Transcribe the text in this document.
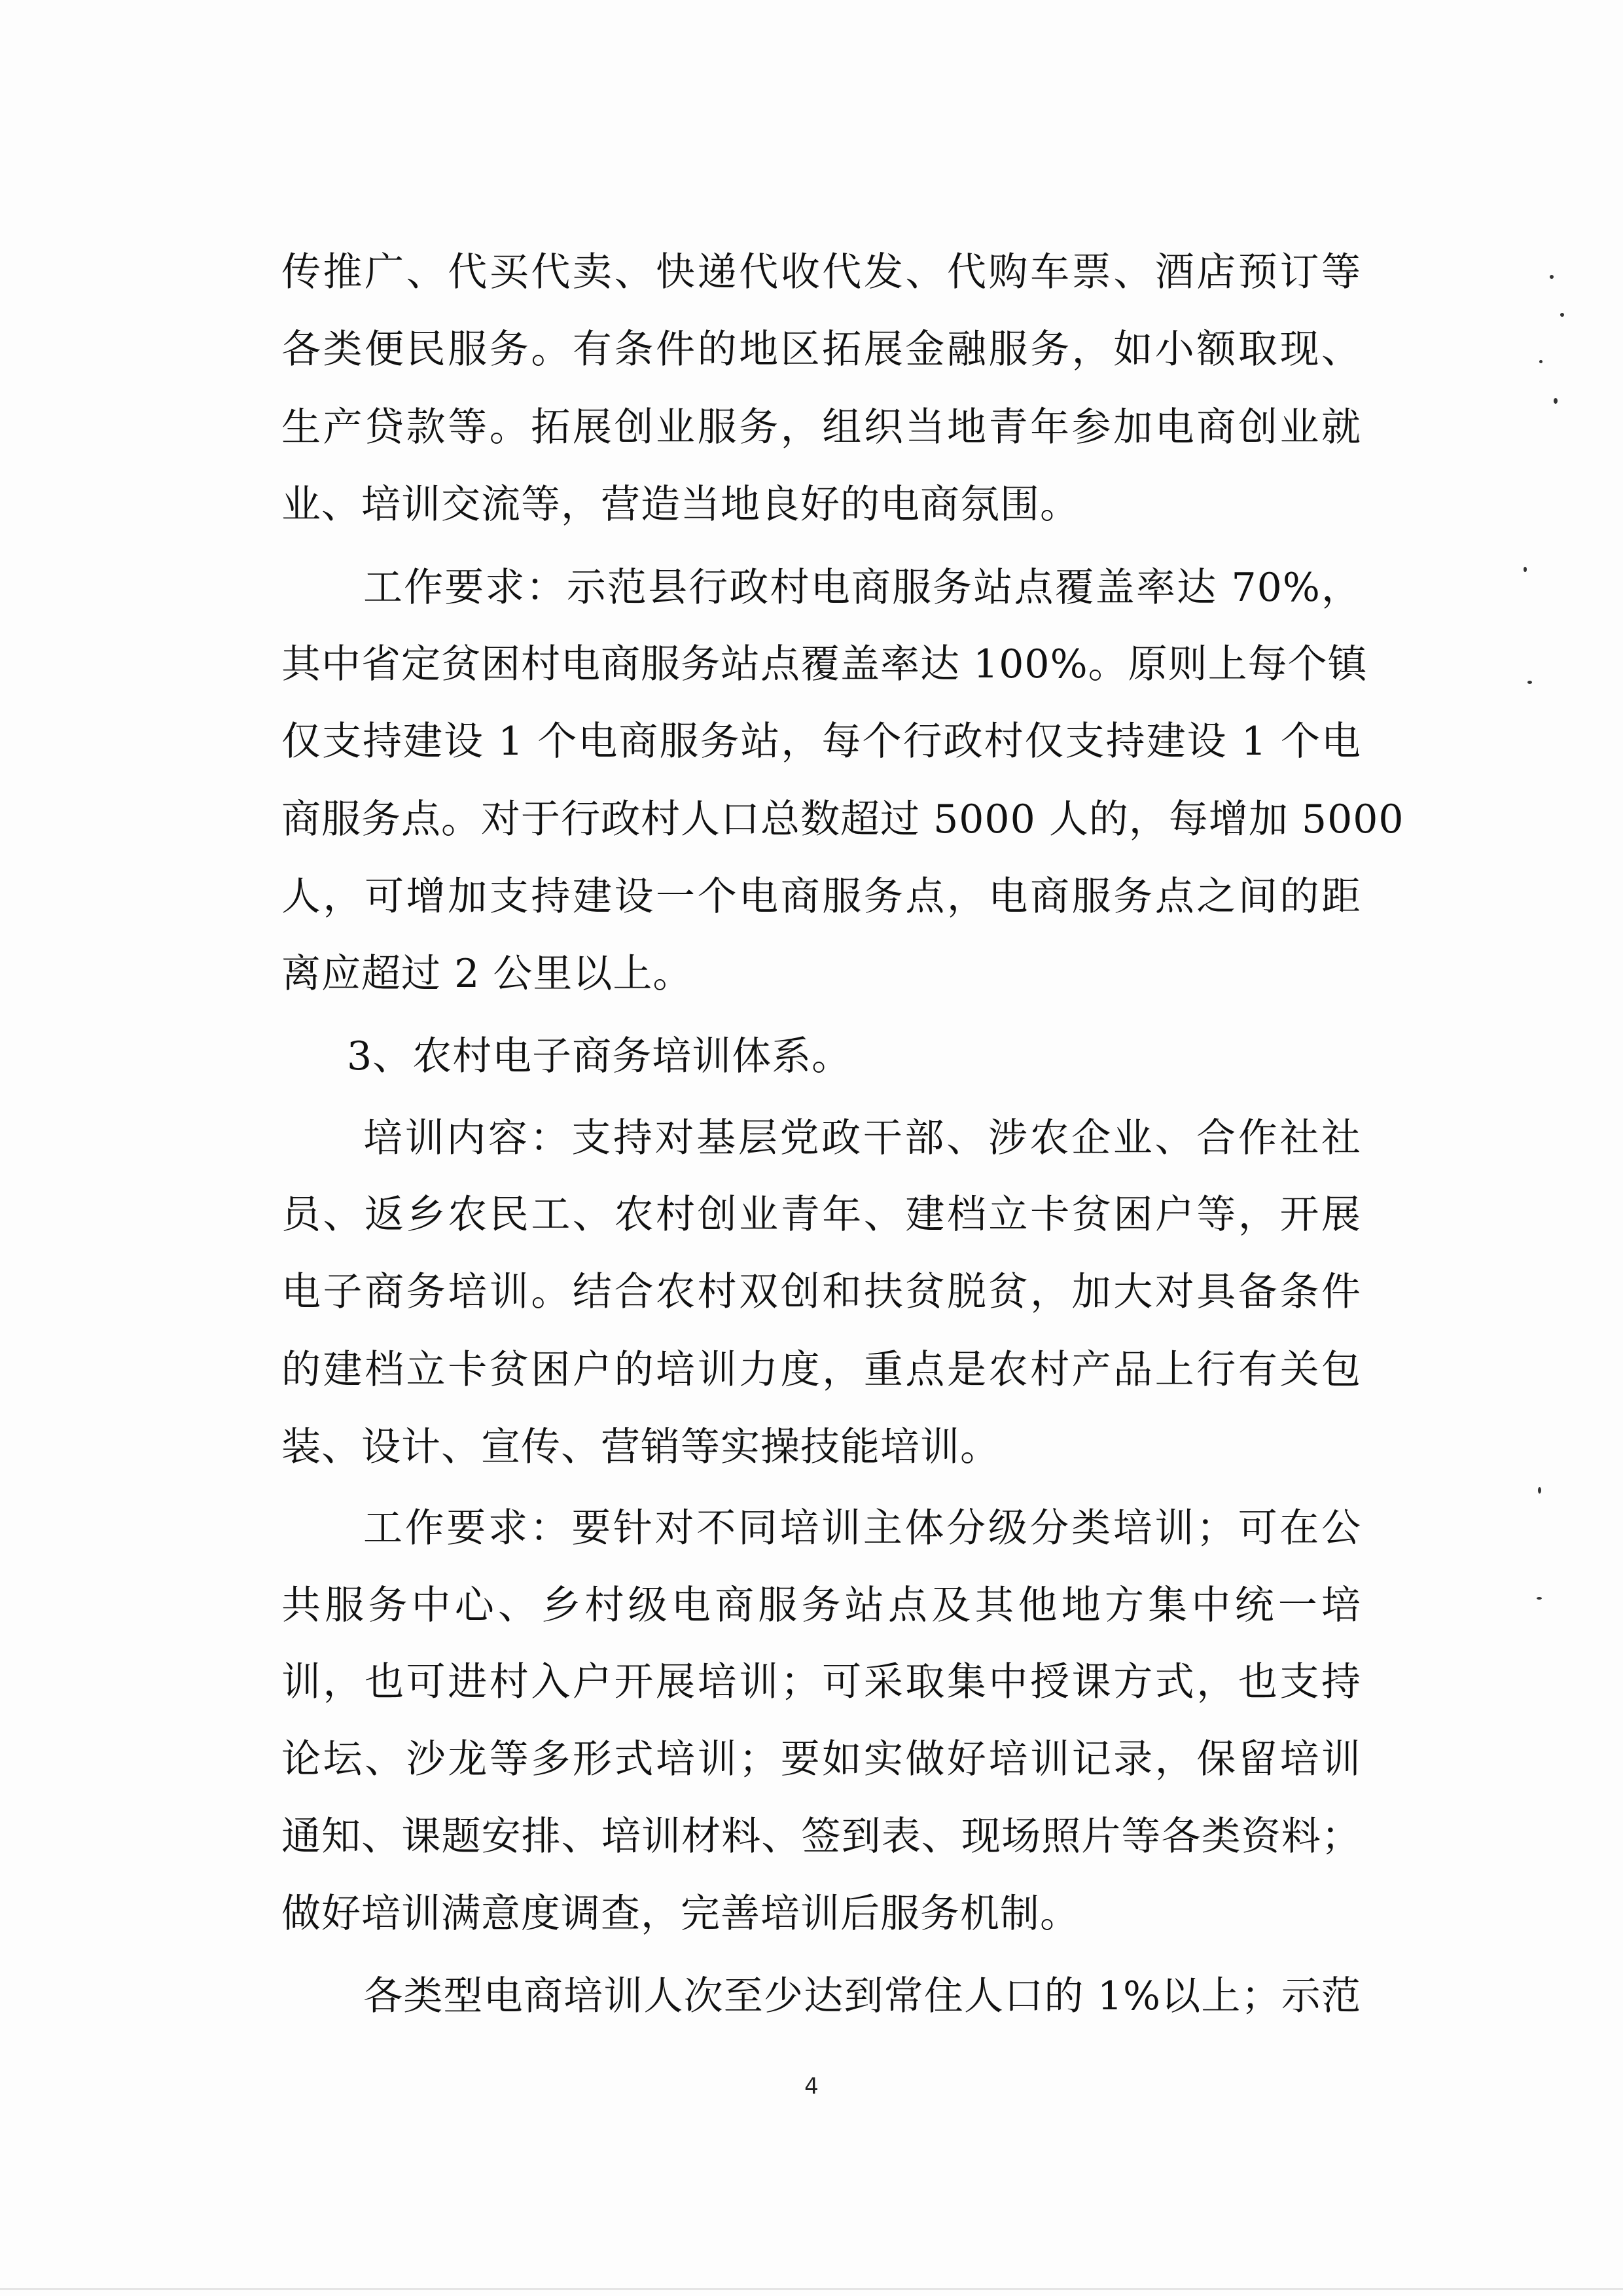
传推广、代买代卖、快递代收代发、代购车票、酒店预订等
各类便民服务。有条件的地区拓展金融服务，如小额取现、
生产贷款等。拓展创业服务，组织当地青年参加电商创业就
业、培训交流等，营造当地良好的电商氛围。
工作要求：示范县行政村电商服务站点覆盖率达 70%，
其中省定贫困村电商服务站点覆盖率达 100%。原则上每个镇
仅支持建设 1 个电商服务站，每个行政村仅支持建设 1 个电
商服务点。对于行政村人口总数超过 5000 人的，每增加 5000
人，可增加支持建设一个电商服务点，电商服务点之间的距
离应超过 2 公里以上。
3、农村电子商务培训体系。
培训内容：支持对基层党政干部、涉农企业、合作社社
员、返乡农民工、农村创业青年、建档立卡贫困户等，开展
电子商务培训。结合农村双创和扶贫脱贫，加大对具备条件
的建档立卡贫困户的培训力度，重点是农村产品上行有关包
装、设计、宣传、营销等实操技能培训。
工作要求：要针对不同培训主体分级分类培训；可在公
共服务中心、乡村级电商服务站点及其他地方集中统一培
训，也可进村入户开展培训；可采取集中授课方式，也支持
论坛、沙龙等多形式培训；要如实做好培训记录，保留培训
通知、课题安排、培训材料、签到表、现场照片等各类资料；
做好培训满意度调查，完善培训后服务机制。
各类型电商培训人次至少达到常住人口的 1%以上；示范
4
